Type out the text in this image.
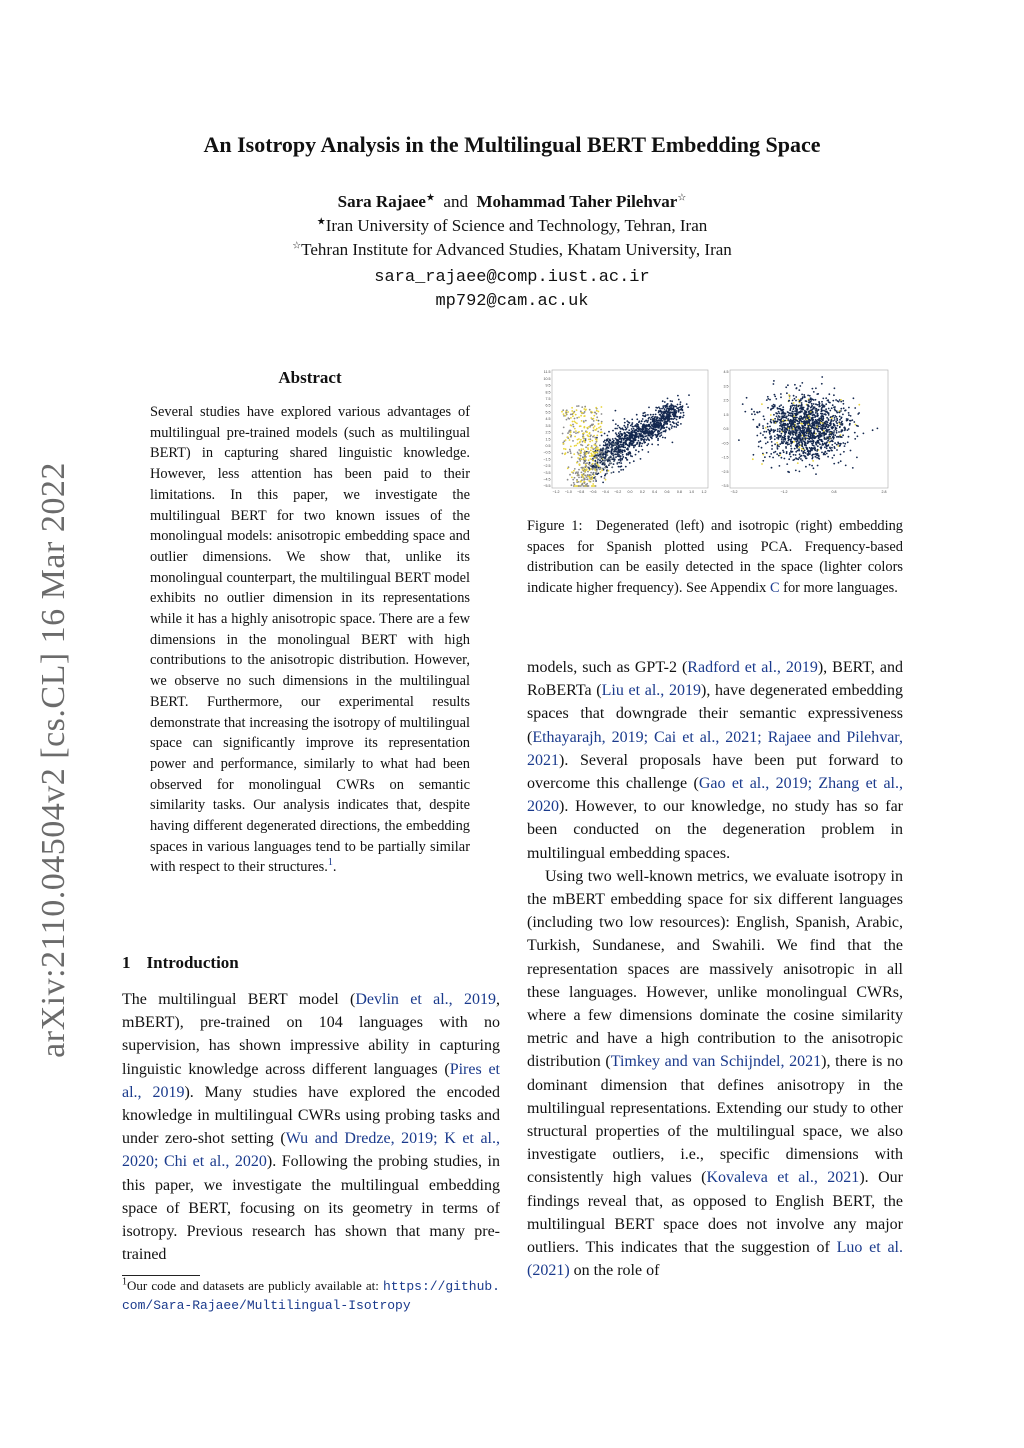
An Isotropy Analysis in the Multilingual BERT Embedding Space
Sara Rajaee★ and Mohammad Taher Pilehvar☆
★Iran University of Science and Technology, Tehran, Iran
☆Tehran Institute for Advanced Studies, Khatam University, Iran
sara_rajaee@comp.iust.ac.ir
mp792@cam.ac.uk
arXiv:2110.04504v2 [cs.CL] 16 Mar 2022
Abstract
Several studies have explored various advantages of multilingual pre-trained models (such as multilingual BERT) in capturing shared linguistic knowledge. However, less attention has been paid to their limitations. In this paper, we investigate the multilingual BERT for two known issues of the monolingual models: anisotropic embedding space and outlier dimensions. We show that, unlike its monolingual counterpart, the multilingual BERT model exhibits no outlier dimension in its representations while it has a highly anisotropic space. There are a few dimensions in the monolingual BERT with high contributions to the anisotropic distribution. However, we observe no such dimensions in the multilingual BERT. Furthermore, our experimental results demonstrate that increasing the isotropy of multilingual space can significantly improve its representation power and performance, similarly to what had been observed for monolingual CWRs on semantic similarity tasks. Our analysis indicates that, despite having different degenerated directions, the embedding spaces in various languages tend to be partially similar with respect to their structures.$^1$.
1 Introduction
The multilingual BERT model (Devlin et al., 2019, mBERT), pre-trained on 104 languages with no supervision, has shown impressive ability in capturing linguistic knowledge across different languages (Pires et al., 2019). Many studies have explored the encoded knowledge in multilingual CWRs using probing tasks and under zero-shot setting (Wu and Dredze, 2019; K et al., 2020; Chi et al., 2020). Following the probing studies, in this paper, we investigate the multilingual embedding space of BERT, focusing on its geometry in terms of isotropy. Previous research has shown that many pre-trained
$^1$Our code and datasets are publicly available at: https://github.com/Sara-Rajaee/Multilingual-Isotropy
11.5
10.5
9.5
8.5
7.5
6.5
5.5
4.5
3.5
2.5
1.5
0.5
−0.5
−1.5
−2.5
−3.5
−4.5
−5.5
−1.2 −1.0 −0.8 −0.6 −0.4 −0.2 0.0 0.2 0.4 0.6 0.8 1.0 1.2
4.5
3.5
2.5
1.5
0.5
−0.5
−1.5
−2.5
−3.5
−3.2	−1.2	0.8	2.8
Figure 1: Degenerated (left) and isotropic (right) embedding spaces for Spanish plotted using PCA. Frequency-based distribution can be easily detected in the space (lighter colors indicate higher frequency). See Appendix C for more languages.

models, such as GPT-2 (Radford et al., 2019), BERT, and RoBERTa (Liu et al., 2019), have degenerated embedding spaces that downgrade their semantic expressiveness (Ethayarajh, 2019; Cai et al., 2021; Rajaee and Pilehvar, 2021). Several proposals have been put forward to overcome this challenge (Gao et al., 2019; Zhang et al., 2020). However, to our knowledge, no study has so far been conducted on the degeneration problem in multilingual embedding spaces.

Using two well-known metrics, we evaluate isotropy in the mBERT embedding space for six different languages (including two low resources): English, Spanish, Arabic, Turkish, Sundanese, and Swahili. We find that the representation spaces are massively anisotropic in all these languages. However, unlike monolingual CWRs, where a few dimensions dominate the cosine similarity metric and have a high contribution to the anisotropic distribution (Timkey and van Schijndel, 2021), there is no dominant dimension that defines anisotropy in the multilingual representations. Extending our study to other structural properties of the multilingual space, we also investigate outliers, i.e., specific dimensions with consistently high values (Kovaleva et al., 2021). Our findings reveal that, as opposed to English BERT, the multilingual BERT space does not involve any major outliers. This indicates that the suggestion of Luo et al. (2021) on the role of
